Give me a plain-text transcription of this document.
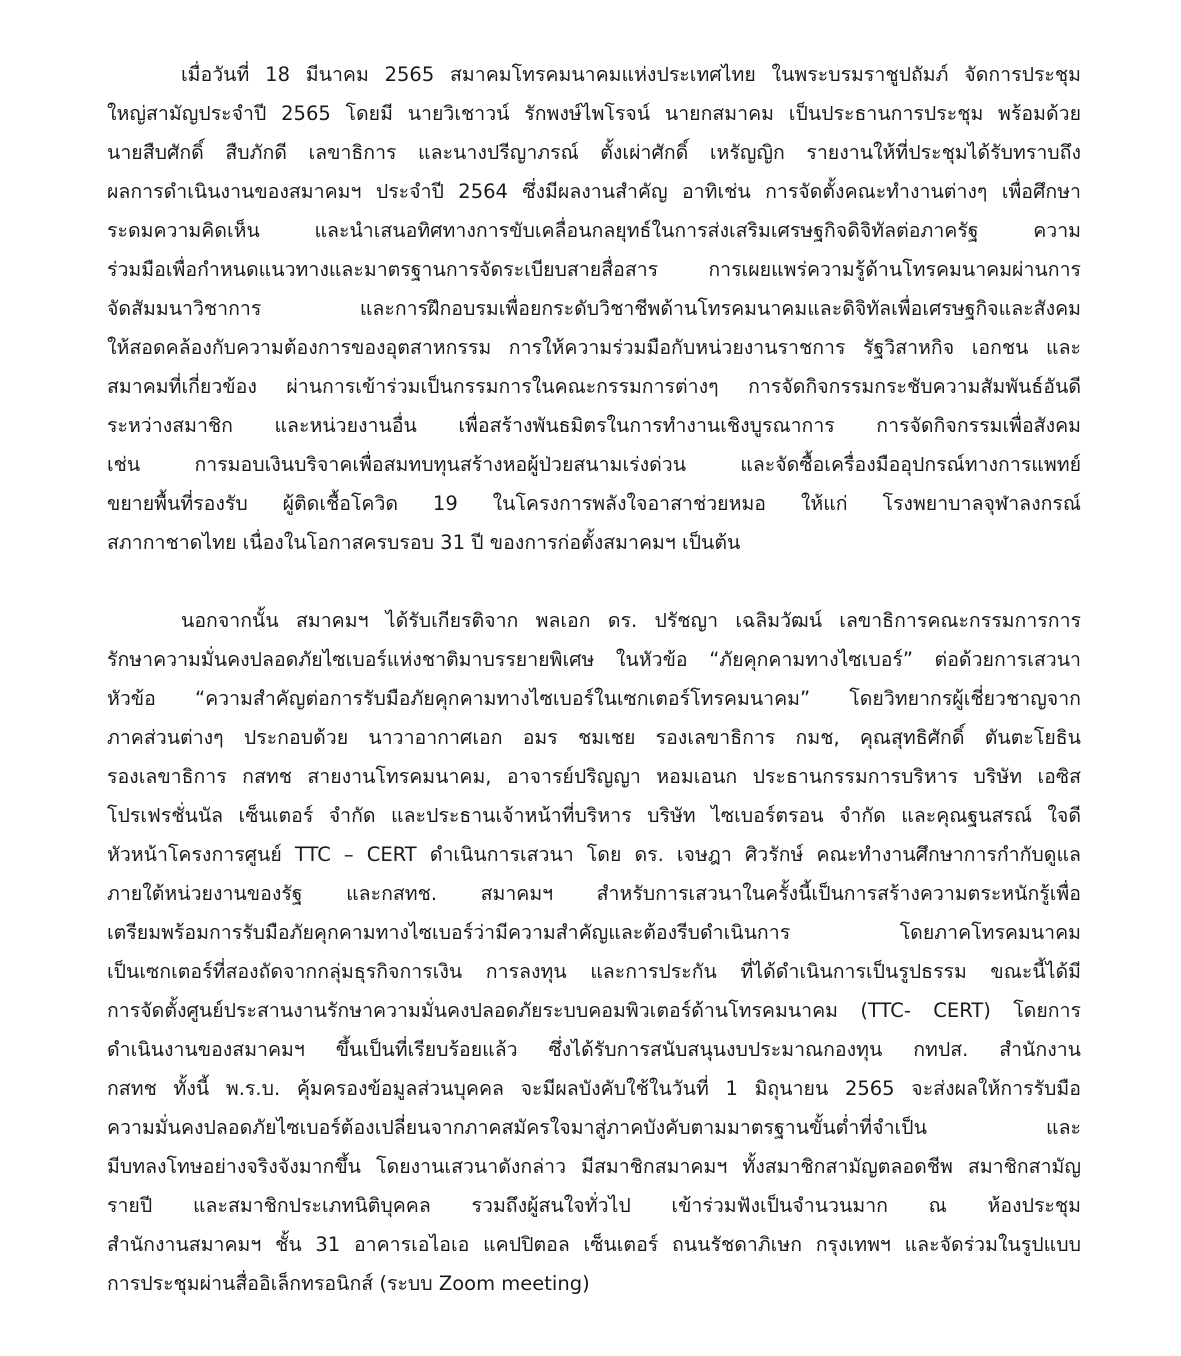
เมื่อวันที่ 18 มีนาคม 2565 สมาคมโทรคมนาคมแห่งประเทศไทย ในพระบรมราชูปถัมภ์ จัดการประชุม
ใหญ่สามัญประจำปี 2565 โดยมี นายวิเชาวน์ รักพงษ์ไพโรจน์ นายกสมาคม เป็นประธานการประชุม พร้อมด้วย
นายสืบศักดิ์ สืบภักดี เลขาธิการ และนางปรีญาภรณ์ ตั้งเผ่าศักดิ์ เหรัญญิก รายงานให้ที่ประชุมได้รับทราบถึง
ผลการดำเนินงานของสมาคมฯ ประจำปี 2564 ซึ่งมีผลงานสำคัญ อาทิเช่น การจัดตั้งคณะทำงานต่างๆ เพื่อศึกษา
ระดมความคิดเห็น และนำเสนอทิศทางการขับเคลื่อนกลยุทธ์ในการส่งเสริมเศรษฐกิจดิจิทัลต่อภาครัฐ ความ
ร่วมมือเพื่อกำหนดแนวทางและมาตรฐานการจัดระเบียบสายสื่อสาร การเผยแพร่ความรู้ด้านโทรคมนาคมผ่านการ
จัดสัมมนาวิชาการ และการฝึกอบรมเพื่อยกระดับวิชาชีพด้านโทรคมนาคมและดิจิทัลเพื่อเศรษฐกิจและสังคม
ให้สอดคล้องกับความต้องการของอุตสาหกรรม การให้ความร่วมมือกับหน่วยงานราชการ รัฐวิสาหกิจ เอกชน และ
สมาคมที่เกี่ยวข้อง ผ่านการเข้าร่วมเป็นกรรมการในคณะกรรมการต่างๆ การจัดกิจกรรมกระชับความสัมพันธ์อันดี
ระหว่างสมาชิก และหน่วยงานอื่น เพื่อสร้างพันธมิตรในการทำงานเชิงบูรณาการ การจัดกิจกรรมเพื่อสังคม
เช่น การมอบเงินบริจาคเพื่อสมทบทุนสร้างหอผู้ป่วยสนามเร่งด่วน และจัดซื้อเครื่องมืออุปกรณ์ทางการแพทย์
ขยายพื้นที่รองรับ ผู้ติดเชื้อโควิด 19 ในโครงการพลังใจอาสาช่วยหมอ ให้แก่ โรงพยาบาลจุฬาลงกรณ์
สภากาชาดไทย เนื่องในโอกาสครบรอบ 31 ปี ของการก่อตั้งสมาคมฯ เป็นต้น
นอกจากนั้น สมาคมฯ ได้รับเกียรติจาก พลเอก ดร. ปรัชญา เฉลิมวัฒน์ เลขาธิการคณะกรรมการการ
รักษาความมั่นคงปลอดภัยไซเบอร์แห่งชาติมาบรรยายพิเศษ ในหัวข้อ “ภัยคุกคามทางไซเบอร์” ต่อด้วยการเสวนา
หัวข้อ “ความสำคัญต่อการรับมือภัยคุกคามทางไซเบอร์ในเซกเตอร์โทรคมนาคม” โดยวิทยากรผู้เชี่ยวชาญจาก
ภาคส่วนต่างๆ ประกอบด้วย นาวาอากาศเอก อมร ชมเชย รองเลขาธิการ กมช, คุณสุทธิศักดิ์ ตันตะโยธิน
รองเลขาธิการ กสทช สายงานโทรคมนาคม, อาจารย์ปริญญา หอมเอนก ประธานกรรมการบริหาร บริษัท เอซิส
โปรเฟรชั่นนัล เซ็นเตอร์ จำกัด และประธานเจ้าหน้าที่บริหาร บริษัท ไซเบอร์ตรอน จำกัด และคุณฐนสรณ์ ใจดี
หัวหน้าโครงการศูนย์ TTC – CERT ดำเนินการเสวนา โดย ดร. เจษฎา ศิวรักษ์ คณะทำงานศึกษาการกำกับดูแล
ภายใต้หน่วยงานของรัฐ และกสทช. สมาคมฯ สำหรับการเสวนาในครั้งนี้เป็นการสร้างความตระหนักรู้เพื่อ
เตรียมพร้อมการรับมือภัยคุกคามทางไซเบอร์ว่ามีความสำคัญและต้องรีบดำเนินการ โดยภาคโทรคมนาคม
เป็นเซกเตอร์ที่สองถัดจากกลุ่มธุรกิจการเงิน การลงทุน และการประกัน ที่ได้ดำเนินการเป็นรูปธรรม ขณะนี้ได้มี
การจัดตั้งศูนย์ประสานงานรักษาความมั่นคงปลอดภัยระบบคอมพิวเตอร์ด้านโทรคมนาคม (TTC- CERT) โดยการ
ดำเนินงานของสมาคมฯ ขึ้นเป็นที่เรียบร้อยแล้ว ซึ่งได้รับการสนับสนุนงบประมาณกองทุน กทปส. สำนักงาน
กสทช ทั้งนี้ พ.ร.บ. คุ้มครองข้อมูลส่วนบุคคล จะมีผลบังคับใช้ในวันที่ 1 มิถุนายน 2565 จะส่งผลให้การรับมือ
ความมั่นคงปลอดภัยไซเบอร์ต้องเปลี่ยนจากภาคสมัครใจมาสู่ภาคบังคับตามมาตรฐานขั้นต่ำที่จำเป็น และ
มีบทลงโทษอย่างจริงจังมากขึ้น โดยงานเสวนาดังกล่าว มีสมาชิกสมาคมฯ ทั้งสมาชิกสามัญตลอดชีพ สมาชิกสามัญ
รายปี และสมาชิกประเภทนิติบุคคล รวมถึงผู้สนใจทั่วไป เข้าร่วมฟังเป็นจำนวนมาก ณ ห้องประชุม
สำนักงานสมาคมฯ ชั้น 31 อาคารเอไอเอ แคปปิตอล เซ็นเตอร์ ถนนรัชดาภิเษก กรุงเทพฯ และจัดร่วมในรูปแบบ
การประชุมผ่านสื่ออิเล็กทรอนิกส์ (ระบบ Zoom meeting)
